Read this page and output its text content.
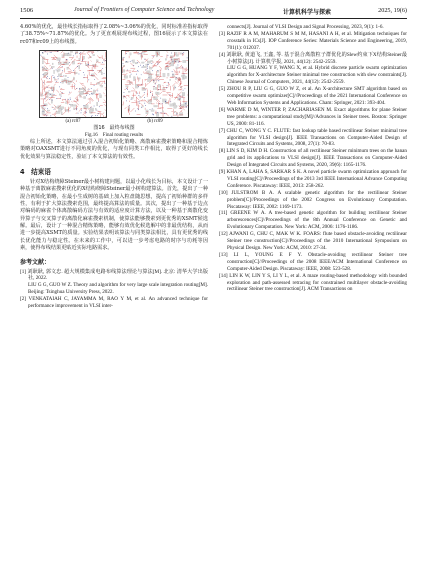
1506	Journal of Frontiers of Computer Science and Technology	计算机科学与探索	2025, 19(6)

4.60%的优化，最佳线长指标取得了2.08%~3.06%的优化，同时标准差指标取得了38.75%~71.87%的优化。为了更直观展现布线过程，图16展示了本文算法在rc07和rc09上的布线图。

(a) rc07	(b) rc09
图16　最终布线图
Fig.16　Final routing results

综上所述，本文算法通过引入混合初始化策略、离散麻雀搜索策略和混合精炼策略对OAXSMT进行不同角度的优化，与现有同类工作相比，取得了更好的线长优化效果与算法稳定性，验证了本文算法的有效性。

4　结束语

针对X结构绕障Steiner最小树构建问题，以最小化线长为目标，本文设计了一种基于离散麻雀搜索优化的X结构绕障Steiner最小树构建算法。首先，提出了一种混合初始化策略，在最小生成树的基础上加入粒盘随思想，提高了初始种群的多样性，有利于扩大算法搜索范围，最终提高算法的质量。其次，提出了一种基于边点对编码的麻雀个体离散编码方法与有效的适应度计算方法，以及一种基于离散化变异算子与交叉算子的离散化麻雀搜索机制，使算法能够搜索到更优秀的XSMT候选解。最后，设计了一种混合精炼策略，能够有效优化候选解中的非最优结构，从而进一步提高XSMT的质量。实验结果表明该算法与同类算法相比，具有更优秀的线长优化能力与稳定性。在未来的工作中，可以进一步考虑电路的时序与功耗等因素，使得布线结果更贴近实际电路需求。

参考文献：

[1] 刘耿耿, 郭文忠. 超大规模集成电路布线算法理论与算法[M]. 北京: 清华大学出版社, 2022.

LIU G G, GUO W Z. Theory and algorithm for very large scale integration routing[M]. Beijing: Tsinghua University Press, 2022.

[2] VENKATAIAH C, JAYAMMA M, RAO Y M, et al. An advanced technique for performance improvement in VLSI inter-

connects[J]. Journal of VLSI Design and Signal Processing, 2023, 9(1): 1-6.

[3] RAZIF R A M, MAHARUM S M M, HASANI A H, et al. Mitigation techniques for crosstalk in ICs[J]. IOP Conference Series: Materials Science and Engineering, 2019, 701(1): 012037.

[4] 刘耿耿, 黄道飞, 王鑫, 等. 基于混合离散粒子群优化的Slew约束下X结构Steiner最小树算法[J]. 计算机学报, 2021, 44(12): 2542-2559.

LIU G G, HUANG Y F, WANG X, et al. Hybrid discrete particle swarm optimization algorithm for X-architecture Steiner minimal tree construction with slew constraints[J]. Chinese Journal of Computers, 2021, 44(12): 2542-2559.

[5] ZHOU R P, LIU G G, GUO W Z, et al. An X-architecture SMT algorithm based on competitive swarm optimizer[C]//Proceedings of the 2021 International Conference on Web Information Systems and Applications. Cham: Springer, 2021: 393-404.

[6] WARME D M, WINTER P, ZACHARIASEN M. Exact algorithms for plane Steiner tree problems: a computational study[M]//Advances in Steiner trees. Boston: Springer US, 2000: 81-116.

[7] CHU C, WONG Y C. FLUTE: fast lookup table based rectilinear Steiner minimal tree algorithm for VLSI design[J]. IEEE Transactions on Computer-Aided Design of Integrated Circuits and Systems, 2008, 27(1): 70-83.

[8] LIN S D, KIM D H. Construction of all rectilinear Steiner minimum trees on the hanan grid and its applications to VLSI design[J]. IEEE Transactions on Computer-Aided Design of Integrated Circuits and Systems, 2020, 39(6): 1165-1176.

[9] KHAN A, LAHA S, SARKAR S K. A novel particle swarm optimization approach for VLSI routing[C]//Proceedings of the 2013 3rd IEEE International Advance Computing Conference. Piscataway: IEEE, 2013: 258-262.

[10] JULSTROM B A. A scalable genetic algorithm for the rectilinear Steiner problem[C]//Proceedings of the 2002 Congress on Evolutionary Computation. Piscataway: IEEE, 2002: 1169-1173.

[11] GREENE W A. A tree-based genetic algorithm for building rectilinear Steiner arborescences[C]//Proceedings of the 8th Annual Conference on Genetic and Evolutionary Computation. New York: ACM, 2006: 1176-1186.

[12] AJWANI G, CHU C, MAK W K. FOARS: flute based obstacle-avoiding rectilinear Steiner tree construction[C]//Proceedings of the 2010 International Symposium on Physical Design. New York: ACM, 2010: 27-34.

[13] LI L, YOUNG E F Y. Obstacle-avoiding rectilinear Steiner tree construction[C]//Proceedings of the 2008 IEEE/ACM International Conference on Computer-Aided Design. Piscataway: IEEE, 2008: 523-528.

[14] LIN K W, LIN Y S, LI Y L, et al. A maze routing-based methodology with bounded exploration and path-assessed retracing for constrained multilayer obstacle-avoiding rectilinear Steiner tree construction[J]. ACM Transactions on
